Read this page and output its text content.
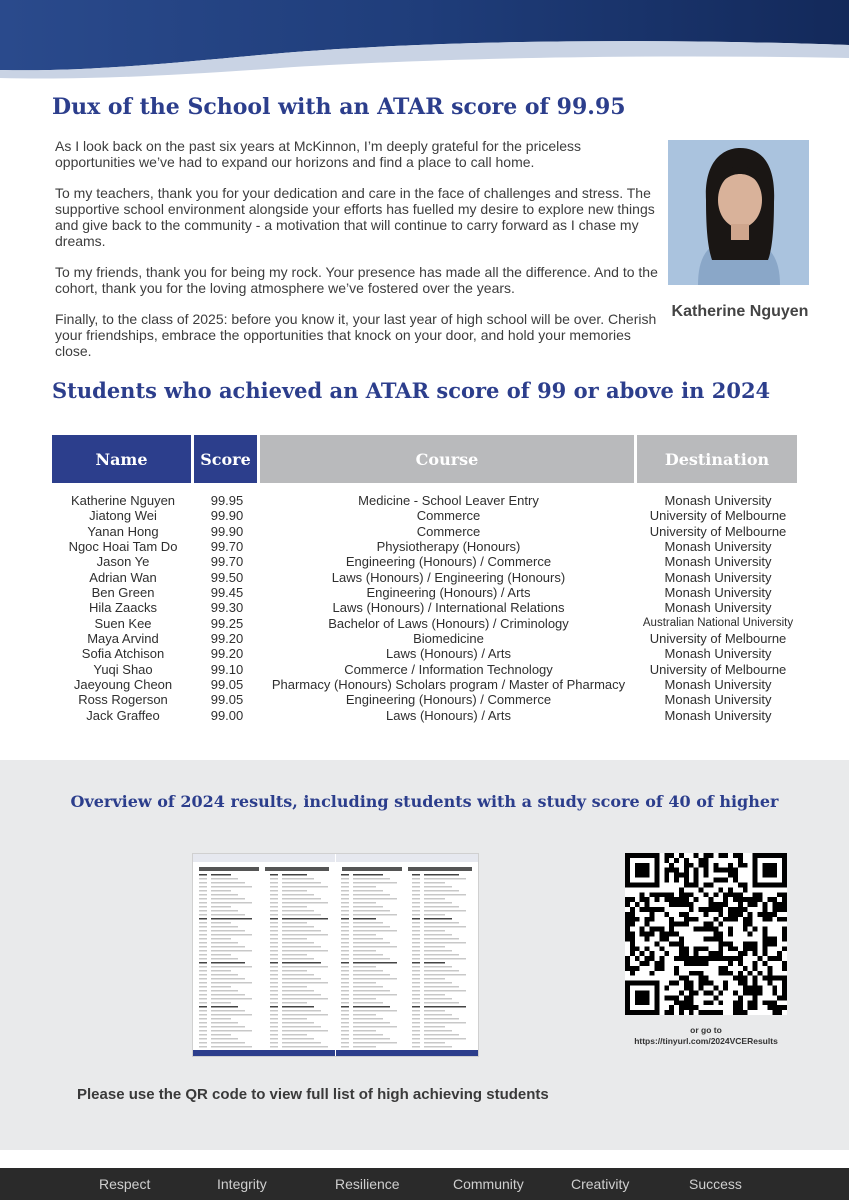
Dux of the School with an ATAR score of 99.95

As I look back on the past six years at McKinnon, I’m deeply grateful for the priceless opportunities we’ve had to expand our horizons and find a place to call home.

To my teachers, thank you for your dedication and care in the face of challenges and stress. The supportive school environment alongside your efforts has fuelled my desire to explore new things and give back to the community - a motivation that will continue to carry forward as I chase my dreams.

To my friends, thank you for being my rock. Your presence has made all the difference. And to the cohort, thank you for the loving atmosphere we’ve fostered over the years.

Finally, to the class of 2025: before you know it, your last year of high school will be over. Cherish your friendships, embrace the opportunities that knock on your door, and hold your memories close.

Katherine Nguyen
Students who achieved an ATAR score of 99 or above in 2024
Name	Score	Course	Destination
Katherine Nguyen	99.95	Medicine - School Leaver Entry	Monash University
Jiatong Wei	99.90	Commerce	University of Melbourne
Yanan Hong	99.90	Commerce	University of Melbourne
Ngoc Hoai Tam Do	99.70	Physiotherapy (Honours)	Monash University
Jason Ye	99.70	Engineering (Honours) / Commerce	Monash University
Adrian Wan	99.50	Laws (Honours) / Engineering (Honours)	Monash University
Ben Green	99.45	Engineering (Honours) / Arts	Monash University
Hila Zaacks	99.30	Laws (Honours) / International Relations	Monash University
Suen Kee	99.25	Bachelor of Laws (Honours) / Criminology	Australian National University
Maya Arvind	99.20	Biomedicine	University of Melbourne
Sofia Atchison	99.20	Laws (Honours) / Arts	Monash University
Yuqi Shao	99.10	Commerce / Information Technology	University of Melbourne
Jaeyoung Cheon	99.05	Pharmacy (Honours) Scholars program / Master of Pharmacy	Monash University
Ross Rogerson	99.05	Engineering (Honours) / Commerce	Monash University
Jack Graffeo	99.00	Laws (Honours) / Arts	Monash University
Overview of 2024 results, including students with a study score of 40 of higher
or go to
https://tinyurl.com/2024VCEResults

Please use the QR code to view full list of high achieving students

Respect	Integrity	Resilience	Community	Creativity	Success
